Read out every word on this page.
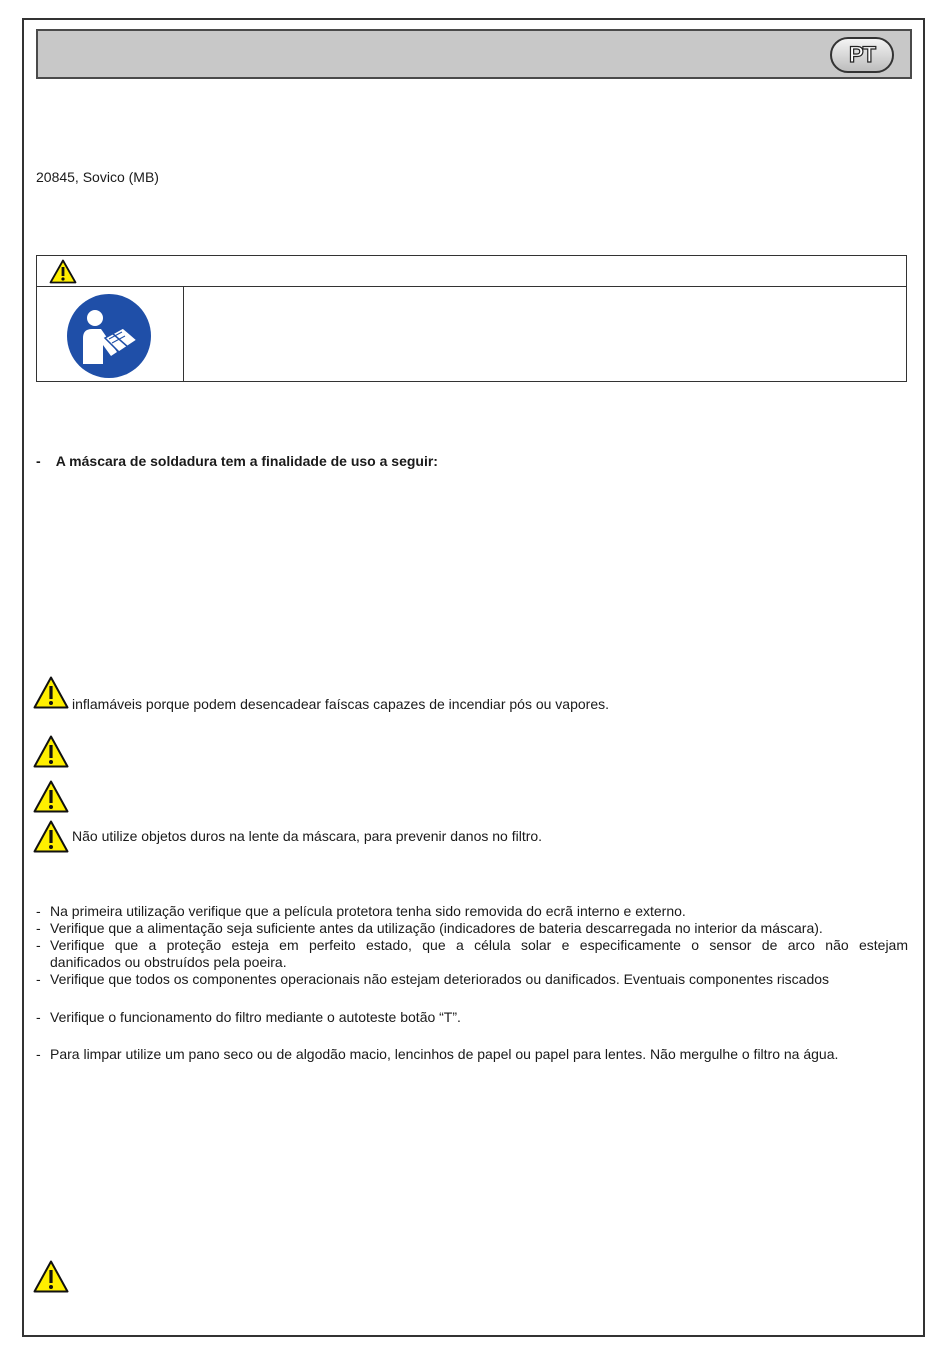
PT
20845, Sovico (MB)
-    A máscara de soldadura tem a finalidade de uso a seguir:
inflamáveis porque podem desencadear faíscas capazes de incendiar pós ou vapores.
Não utilize objetos duros na lente da máscara, para prevenir danos no filtro.
- Na primeira utilização verifique que a película protetora tenha sido removida do ecrã interno e externo.
- Verifique que a alimentação seja suficiente antes da utilização (indicadores de bateria descarregada no interior da máscara).
- Verifique que a proteção esteja em perfeito estado, que a célula solar e especificamente o sensor de arco não estejam
danificados ou obstruídos pela poeira.
- Verifique que todos os componentes operacionais não estejam deteriorados ou danificados. Eventuais componentes riscados
- Verifique o funcionamento do filtro mediante o autoteste botão “T”.
- Para limpar utilize um pano seco ou de algodão macio, lencinhos de papel ou papel para lentes. Não mergulhe o filtro na água.
